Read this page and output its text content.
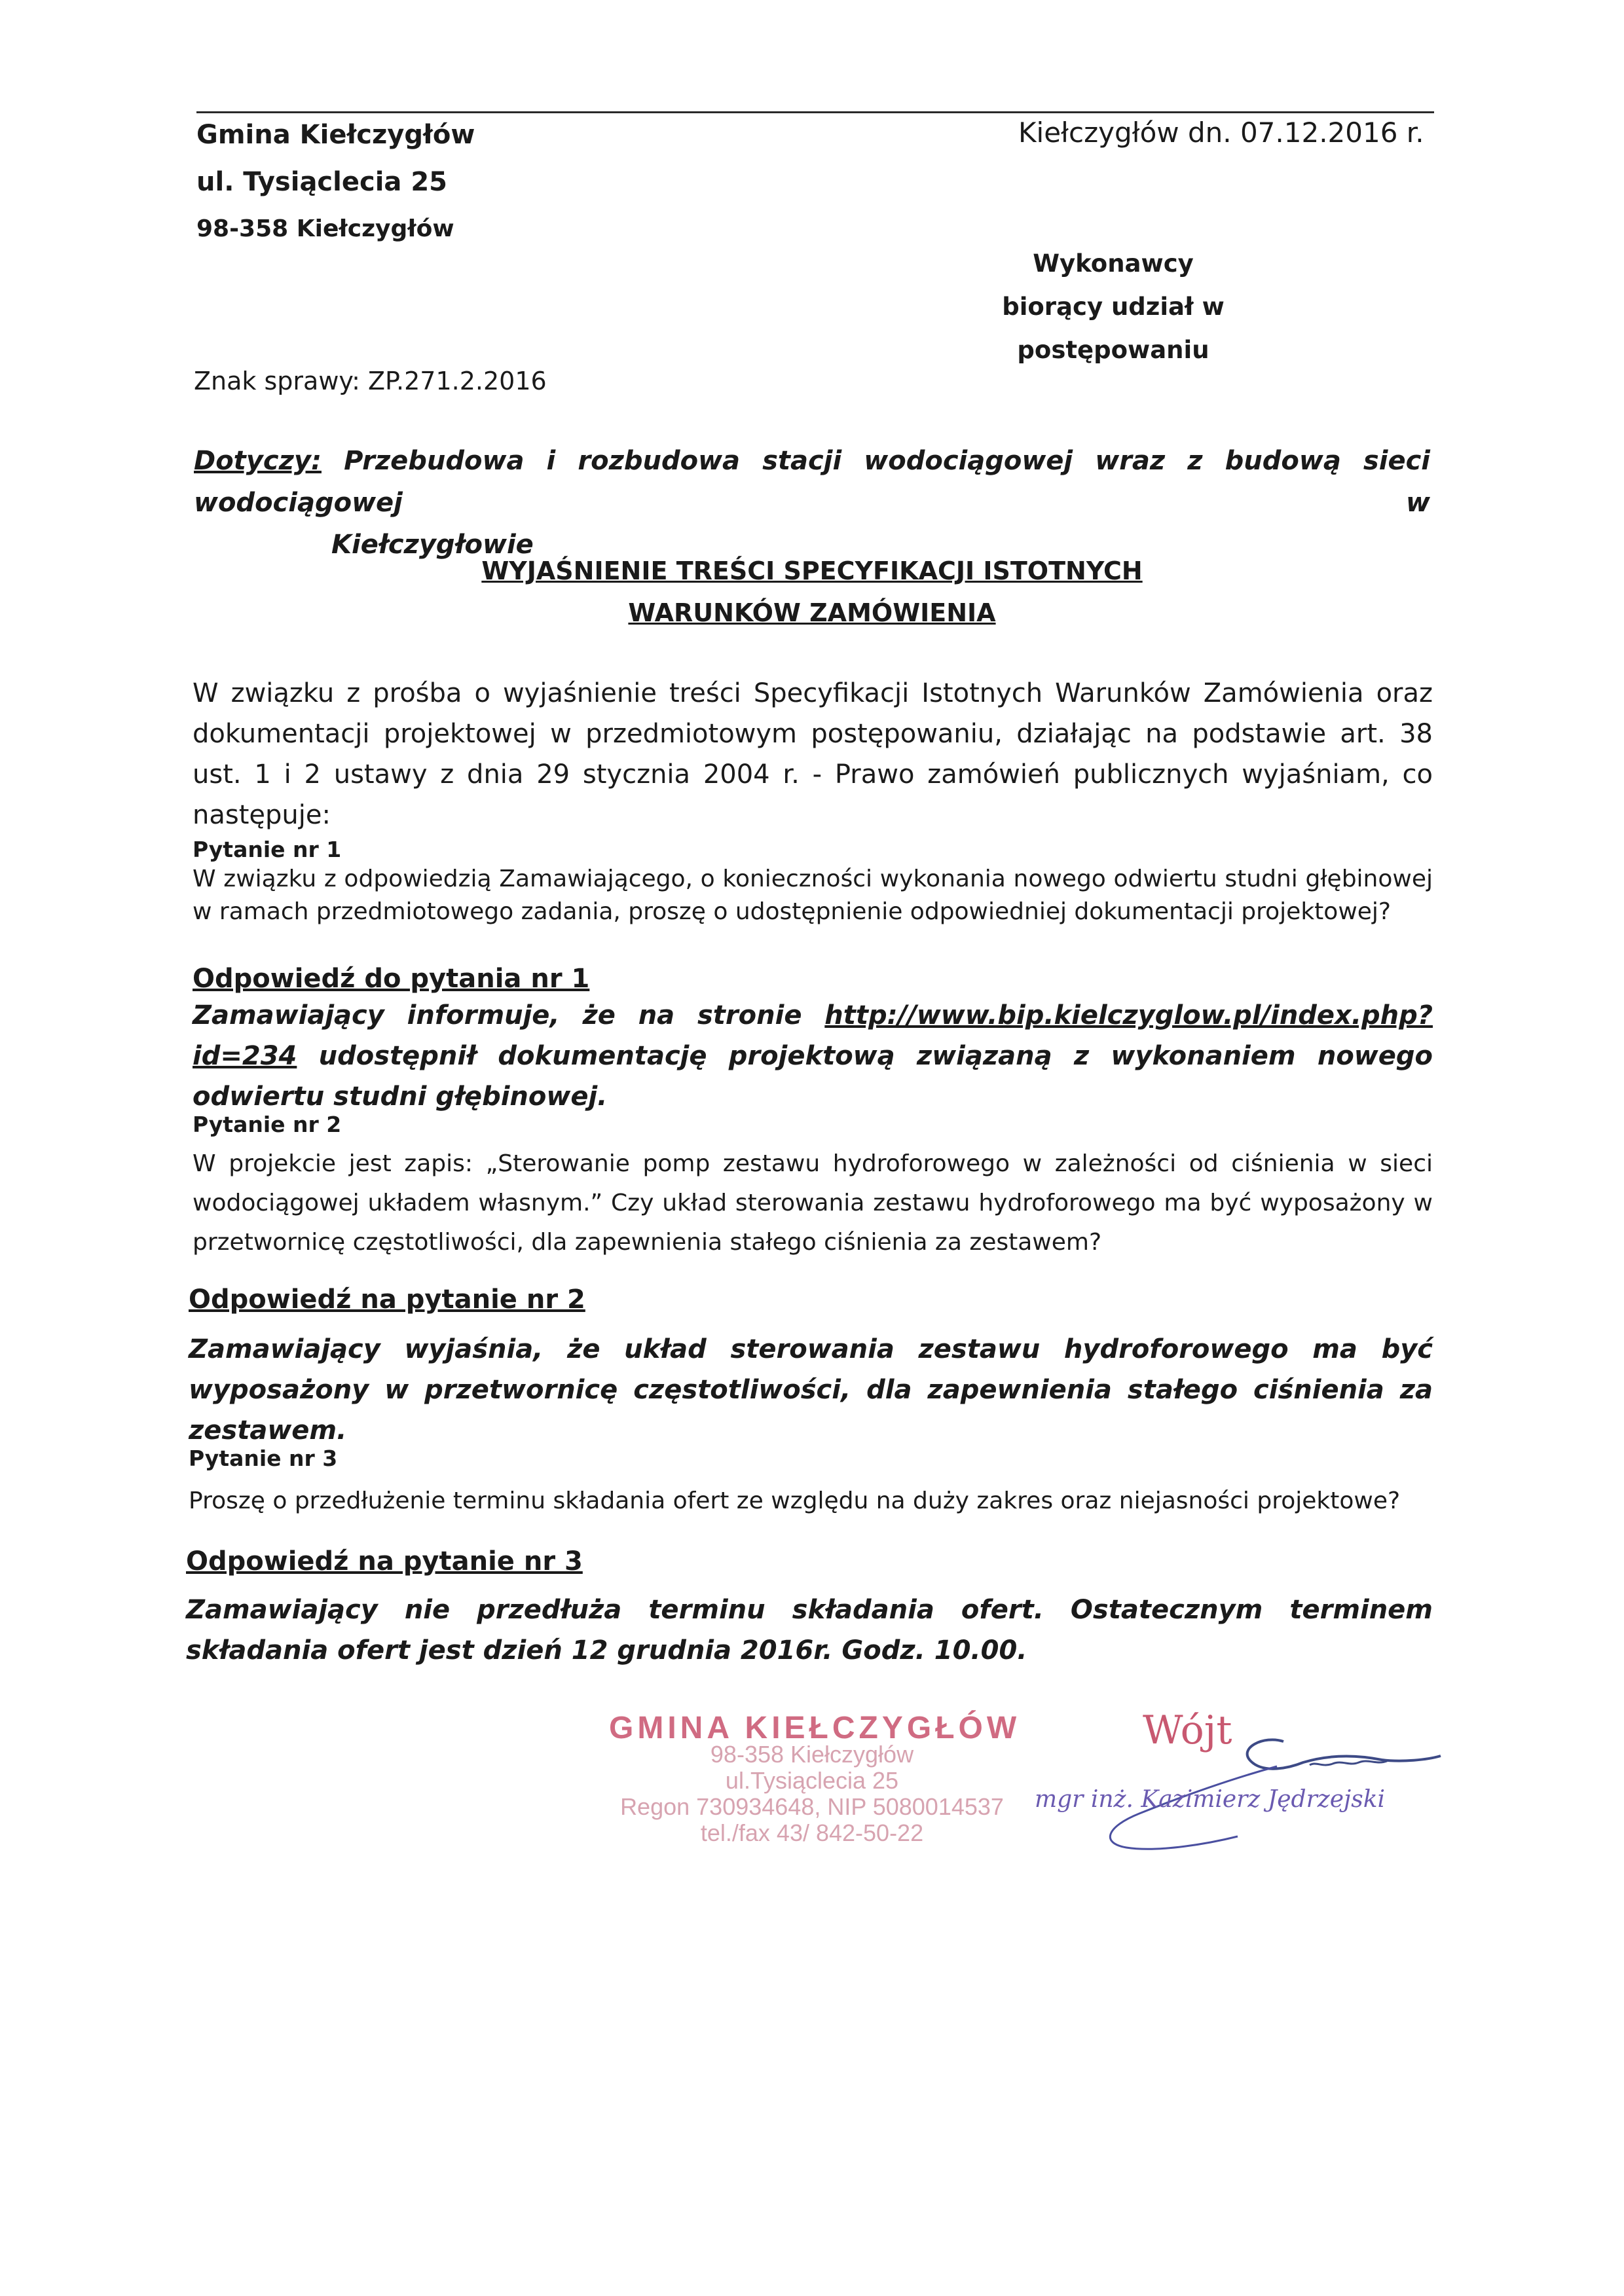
Gmina Kiełczygłów
ul. Tysiąclecia 25
98-358 Kiełczygłów
Kiełczygłów dn. 07.12.2016 r.
Wykonawcy
biorący udział w postępowaniu
Znak sprawy: ZP.271.2.2016
Dotyczy: Przebudowa i rozbudowa stacji wodociągowej wraz z budową sieci wodociągowej w
Kiełczygłowie
WYJAŚNIENIE TREŚCI SPECYFIKACJI ISTOTNYCH
WARUNKÓW ZAMÓWIENIA
W związku z prośba o wyjaśnienie treści Specyfikacji Istotnych Warunków Zamówienia oraz dokumentacji projektowej w przedmiotowym postępowaniu, działając na podstawie art. 38 ust. 1 i 2 ustawy z dnia 29 stycznia 2004 r. - Prawo zamówień publicznych wyjaśniam, co następuje:
Pytanie nr 1
W związku z odpowiedzią Zamawiającego, o konieczności wykonania nowego odwiertu studni głębinowej w ramach przedmiotowego zadania, proszę o udostępnienie odpowiedniej dokumentacji projektowej?
Odpowiedź do pytania nr 1
Zamawiający informuje, że na stronie http://www.bip.kielczyglow.pl/index.php?id=234 udostępnił dokumentację projektową związaną z wykonaniem nowego odwiertu studni głębinowej.
Pytanie nr 2
W projekcie jest zapis: „Sterowanie pomp zestawu hydroforowego w zależności od ciśnienia w sieci wodociągowej układem własnym.” Czy układ sterowania zestawu hydroforowego ma być wyposażony w przetwornicę częstotliwości, dla zapewnienia stałego ciśnienia za zestawem?
Odpowiedź na pytanie nr 2
Zamawiający wyjaśnia, że układ sterowania zestawu hydroforowego ma być wyposażony w przetwornicę częstotliwości, dla zapewnienia stałego ciśnienia za zestawem.
Pytanie nr 3
Proszę o przedłużenie terminu składania ofert ze względu na duży zakres oraz niejasności projektowe?
Odpowiedź na pytanie nr 3
Zamawiający nie przedłuża terminu składania ofert. Ostatecznym terminem składania ofert jest dzień 12 grudnia 2016r. Godz. 10.00.
GMINA KIEŁCZYGŁÓW
98-358 Kiełczygłów
ul.Tysiąclecia 25
Regon 730934648, NIP 5080014537
tel./fax 43/ 842-50-22
Wójt
mgr inż. Kazimierz Jędrzejski
